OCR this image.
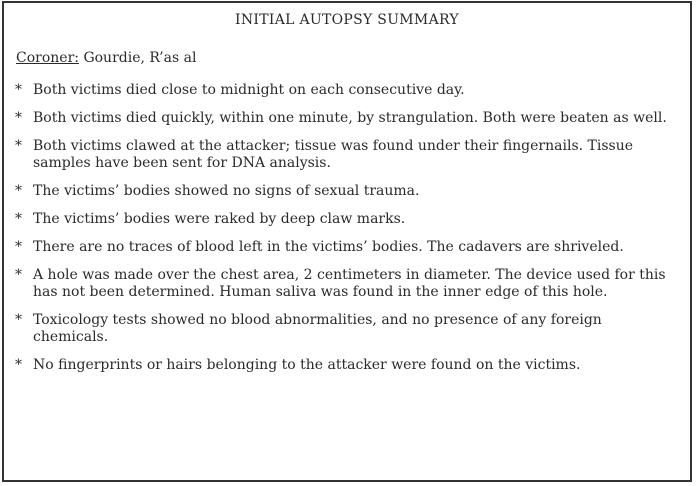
INITIAL AUTOPSY SUMMARY
Coroner: Gourdie, R’as al
* Both victims died close to midnight on each consecutive day.
* Both victims died quickly, within one minute, by strangulation. Both were beaten as well.
* Both victims clawed at the attacker; tissue was found under their fingernails. Tissue samples have been sent for DNA analysis.
* The victims’ bodies showed no signs of sexual trauma.
* The victims’ bodies were raked by deep claw marks.
* There are no traces of blood left in the victims’ bodies. The cadavers are shriveled.
* A hole was made over the chest area, 2 centimeters in diameter. The device used for this has not been determined. Human saliva was found in the inner edge of this hole.
* Toxicology tests showed no blood abnormalities, and no presence of any foreign chemicals.
* No fingerprints or hairs belonging to the attacker were found on the victims.
